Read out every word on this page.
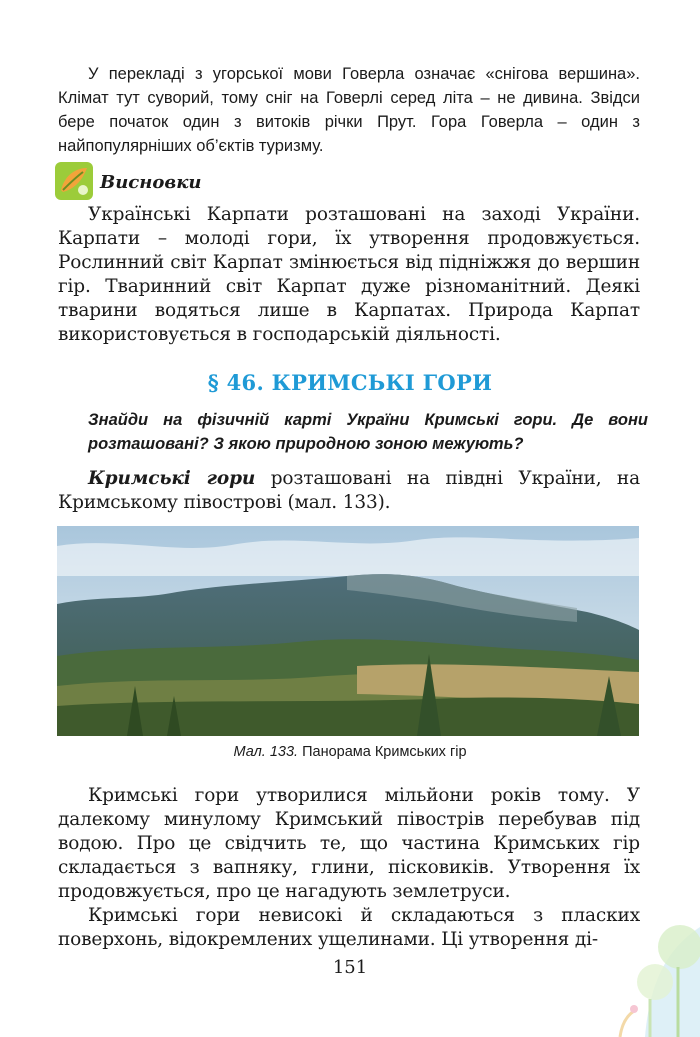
У перекладі з угорської мови Говерла означає «снігова вершина». Клімат тут суворий, тому сніг на Говерлі серед літа – не дивина. Звідси бере початок один з витоків річки Прут. Гора Говерла – один з найпопулярніших об’єктів туризму.

Висновки

Українські Карпати розташовані на заході України. Карпати – молоді гори, їх утворення продовжується. Рослинний світ Карпат змінюється від підніжжя до вершин гір. Тваринний світ Карпат дуже різноманітний. Деякі тварини водяться лише в Карпатах. Природа Карпат використовується в господарській діяльності.

§ 46. КРИМСЬКІ ГОРИ

Знайди на фізичній карті України Кримські гори. Де вони розташовані? З якою природною зоною межують?

Кримські гори розташовані на півдні України, на Кримському півострові (мал. 133).

Мал. 133. Панорама Кримських гір

Кримські гори утворилися мільйони років тому. У далекому минулому Кримський півострів перебував під водою. Про це свідчить те, що частина Кримських гір складається з вапняку, глини, пісковиків. Утворення їх продовжується, про це нагадують землетруси.

Кримські гори невисокі й складаються з пласких поверхонь, відокремлених ущелинами. Ці утворення ді-

151
